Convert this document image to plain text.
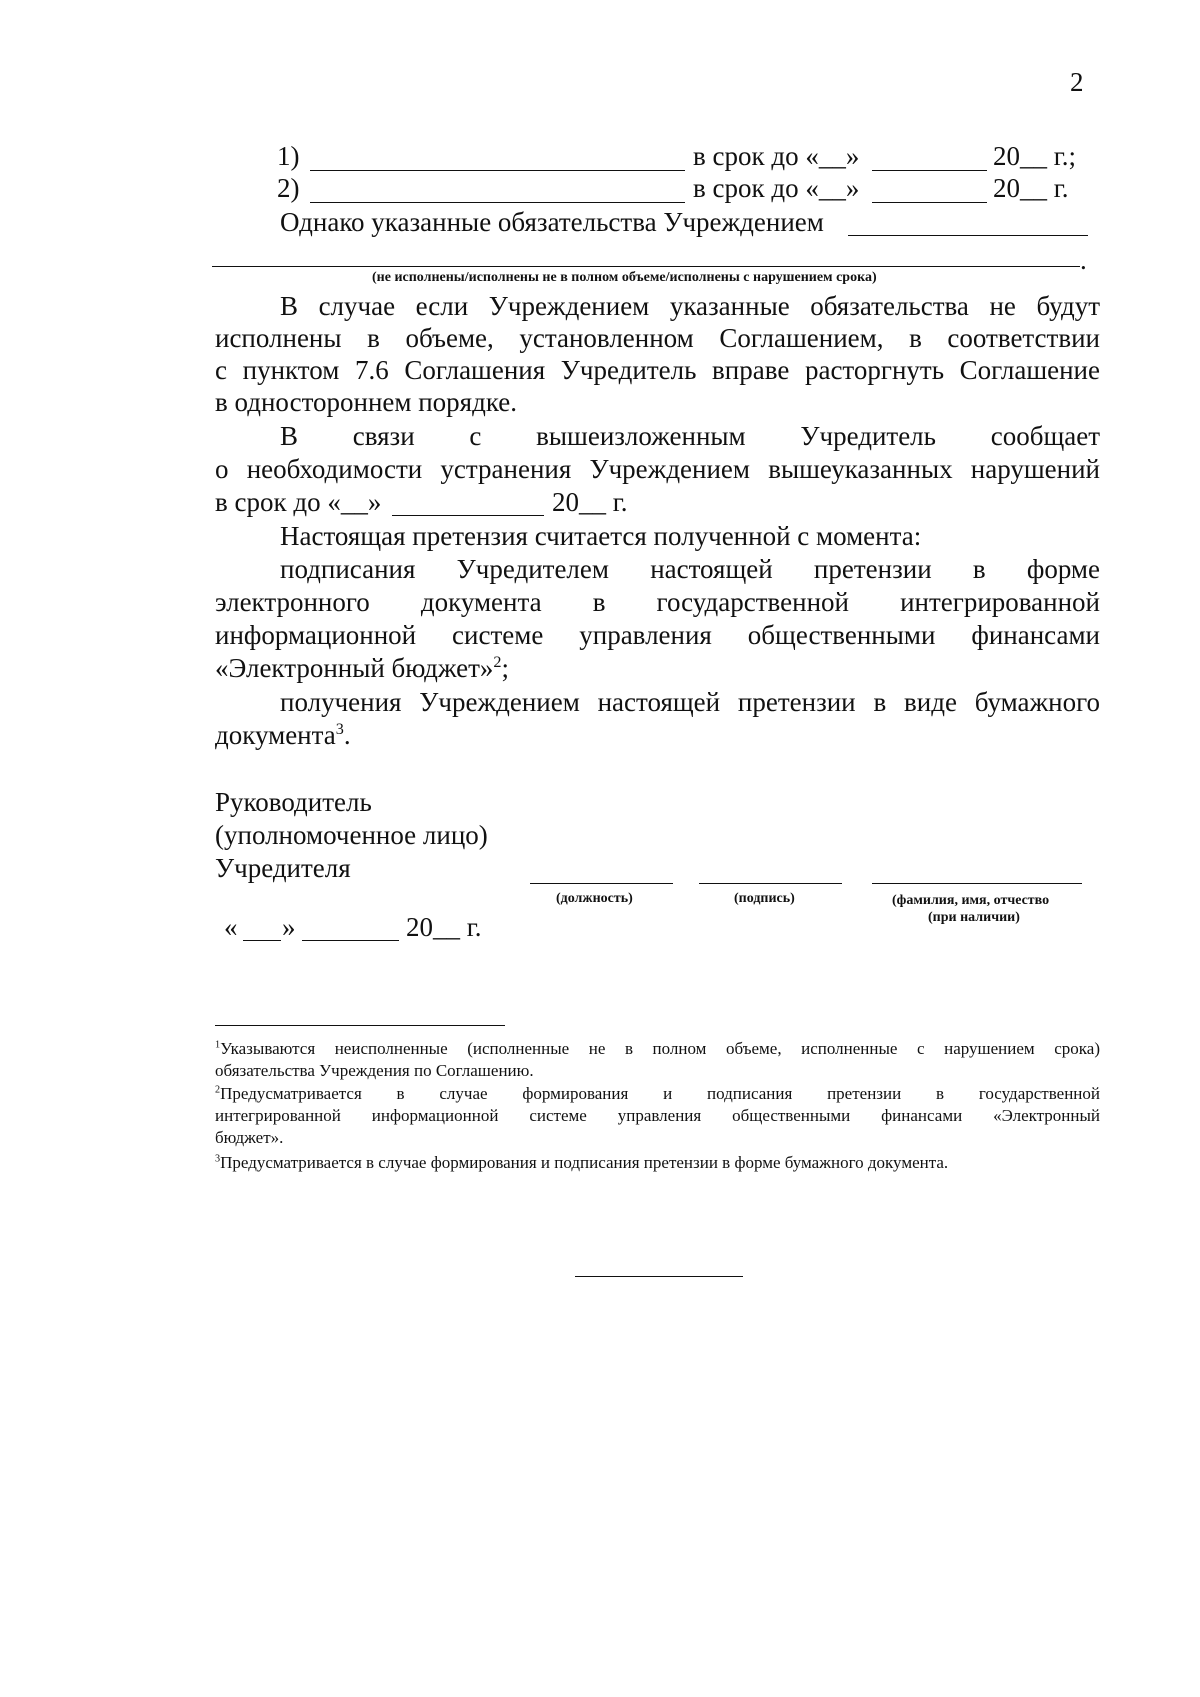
2
1)	в срок до «__»	20__ г.;
2)	в срок до «__»	20__ г.
Однако указанные обязательства Учреждением
.
(не исполнены/исполнены не в полном объеме/исполнены с нарушением срока)
В случае если Учреждением указанные обязательства не будут
исполнены в объеме, установленном Соглашением, в соответствии
с пунктом 7.6 Соглашения Учредитель вправе расторгнуть Соглашение
в одностороннем порядке.
В связи с вышеизложенным Учредитель сообщает
о необходимости устранения Учреждением вышеуказанных нарушений
в срок до «__»	20__ г.
Настоящая претензия считается полученной с момента:
подписания Учредителем настоящей претензии в форме
электронного документа в государственной интегрированной
информационной системе управления общественными финансами
«Электронный бюджет»$^2$;
получения Учреждением настоящей претензии в виде бумажного
документа$^3$.
Руководитель
(уполномоченное лицо)
Учредителя
(должность)	(подпись)	(фамилия, имя, отчество
(при наличии)
« »	20__ г.
$^1$Указываются неисполненные (исполненные не в полном объеме, исполненные с нарушением срока)
обязательства Учреждения по Соглашению.
$^2$Предусматривается в случае формирования и подписания претензии в государственной
интегрированной информационной системе управления общественными финансами «Электронный
бюджет».
$^3$Предусматривается в случае формирования и подписания претензии в форме бумажного документа.
